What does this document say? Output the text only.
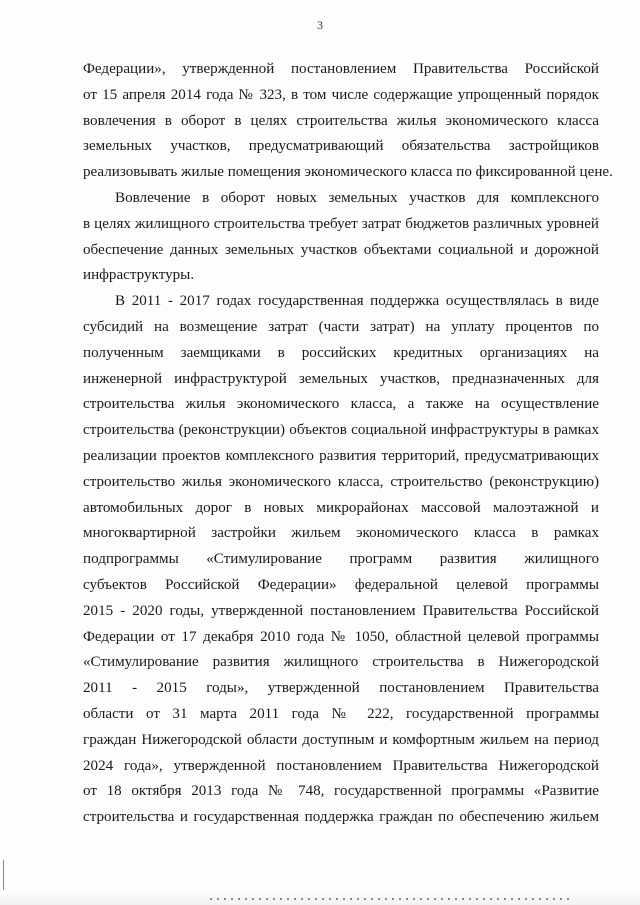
3
Федерации», утвержденной постановлением Правительства Российской
от 15 апреля 2014 года № 323, в том числе содержащие упрощенный порядок
вовлечения в оборот в целях строительства жилья экономического класса
земельных участков, предусматривающий обязательства застройщиков
реализовывать жилые помещения экономического класса по фиксированной цене.
Вовлечение в оборот новых земельных участков для комплексного
в целях жилищного строительства требует затрат бюджетов различных уровней
обеспечение данных земельных участков объектами социальной и дорожной
инфраструктуры.
В 2011 - 2017 годах государственная поддержка осуществлялась в виде
субсидий на возмещение затрат (части затрат) на уплату процентов по
полученным заемщиками в российских кредитных организациях на
инженерной инфраструктурой земельных участков, предназначенных для
строительства жилья экономического класса, а также на осуществление
строительства (реконструкции) объектов социальной инфраструктуры в рамках
реализации проектов комплексного развития территорий, предусматривающих
строительство жилья экономического класса, строительство (реконструкцию)
автомобильных дорог в новых микрорайонах массовой малоэтажной и
многоквартирной застройки жильем экономического класса в рамках
подпрограммы «Стимулирование программ развития жилищного
субъектов Российской Федерации» федеральной целевой программы
2015 - 2020 годы, утвержденной постановлением Правительства Российской
Федерации от 17 декабря 2010 года № 1050, областной целевой программы
«Стимулирование развития жилищного строительства в Нижегородской
2011 - 2015 годы», утвержденной постановлением Правительства
области от 31 марта 2011 года № 222, государственной программы
граждан Нижегородской области доступным и комфортным жильем на период
2024 года», утвержденной постановлением Правительства Нижегородской
от 18 октября 2013 года № 748, государственной программы «Развитие
строительства и государственная поддержка граждан по обеспечению жильем
